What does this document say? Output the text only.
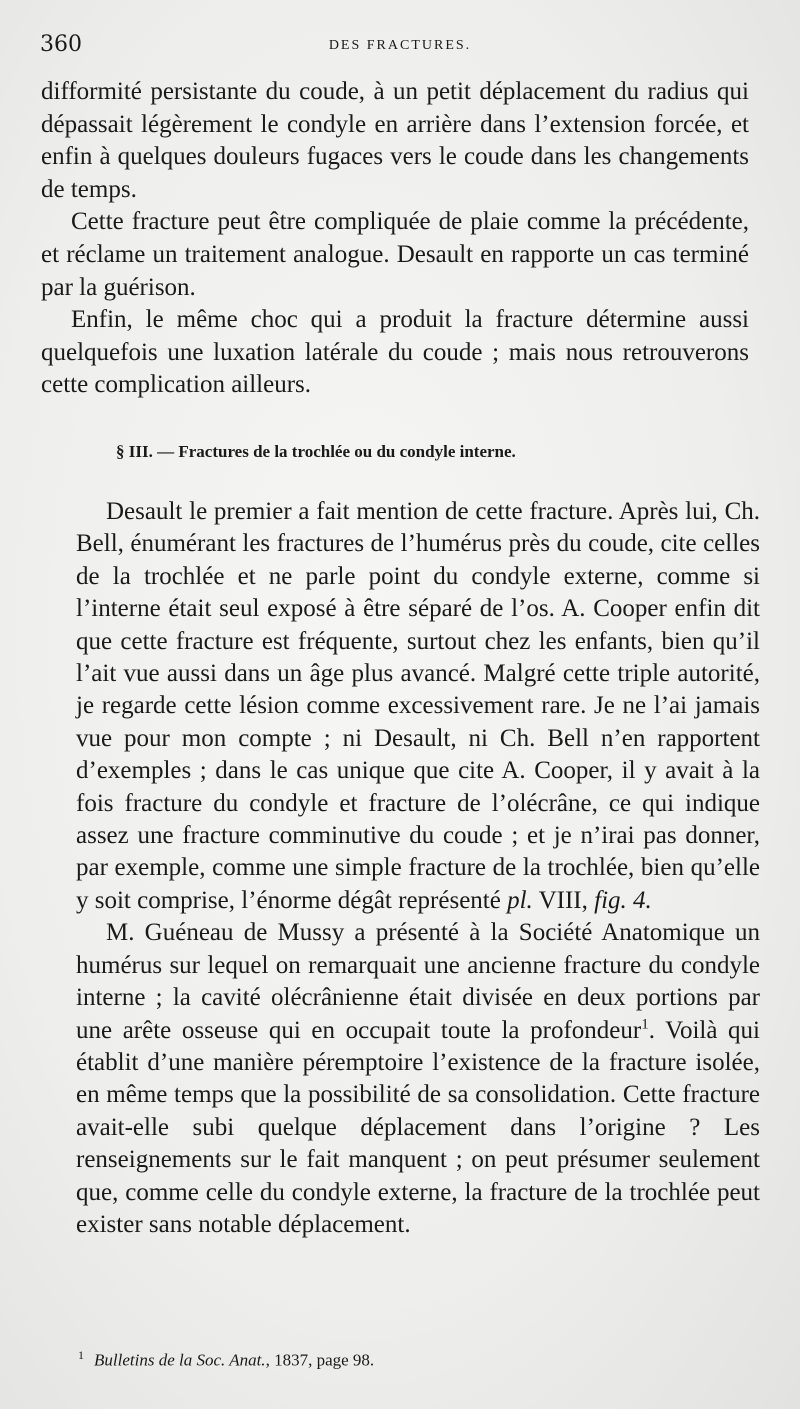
360	DES FRACTURES.

difformité persistante du coude, à un petit déplacement du radius qui dépassait légèrement le condyle en arrière dans l’extension forcée, et enfin à quelques douleurs fugaces vers le coude dans les changements de temps.

Cette fracture peut être compliquée de plaie comme la précédente, et réclame un traitement analogue. Desault en rapporte un cas terminé par la guérison.

Enfin, le même choc qui a produit la fracture détermine aussi quelquefois une luxation latérale du coude ; mais nous retrouverons cette complication ailleurs.

§ III. — Fractures de la trochlée ou du condyle interne.

Desault le premier a fait mention de cette fracture. Après lui, Ch. Bell, énumérant les fractures de l’humérus près du coude, cite celles de la trochlée et ne parle point du condyle externe, comme si l’interne était seul exposé à être séparé de l’os. A. Cooper enfin dit que cette fracture est fréquente, surtout chez les enfants, bien qu’il l’ait vue aussi dans un âge plus avancé. Malgré cette triple autorité, je regarde cette lésion comme excessivement rare. Je ne l’ai jamais vue pour mon compte ; ni Desault, ni Ch. Bell n’en rapportent d’exemples ; dans le cas unique que cite A. Cooper, il y avait à la fois fracture du condyle et fracture de l’olécrâne, ce qui indique assez une fracture comminutive du coude ; et je n’irai pas donner, par exemple, comme une simple fracture de la trochlée, bien qu’elle y soit comprise, l’énorme dégât représenté pl. VIII, fig. 4.

M. Guéneau de Mussy a présenté à la Société Anatomique un humérus sur lequel on remarquait une ancienne fracture du condyle interne ; la cavité olécrânienne était divisée en deux portions par une arête osseuse qui en occupait toute la profondeur$^1$. Voilà qui établit d’une manière péremptoire l’existence de la fracture isolée, en même temps que la possibilité de sa consolidation. Cette fracture avait-elle subi quelque déplacement dans l’origine ? Les renseignements sur le fait manquent ; on peut présumer seulement que, comme celle du condyle externe, la fracture de la trochlée peut exister sans notable déplacement.

$^1$ Bulletins de la Soc. Anat., 1837, page 98.
